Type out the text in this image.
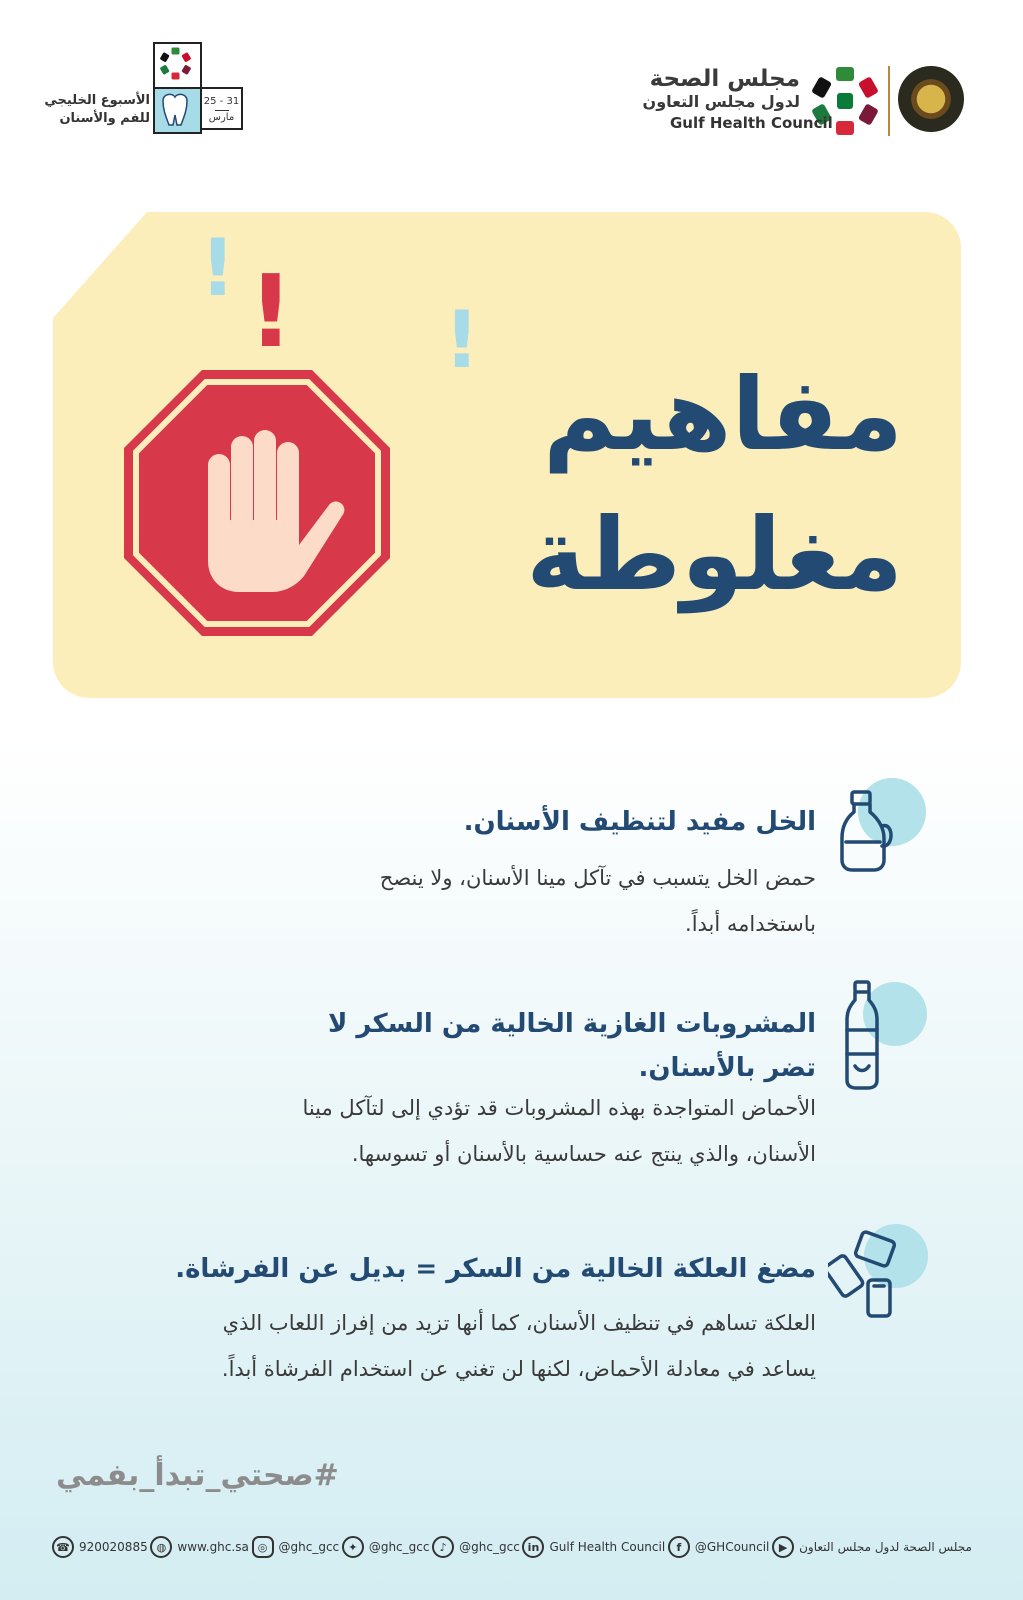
مجلس الصحة
لدول مجلس التعاون
Gulf Health Council
الأسبوع الخليجي
للفم والأسنان
25 - 31
مارس
!
!
!
مفاهيم
مغلوطة
الخل مفيد لتنظيف الأسنان.
حمض الخل يتسبب في تآكل مينا الأسنان، ولا ينصح
باستخدامه أبداً.
المشروبات الغازية الخالية من السكر لا
تضر بالأسنان.
الأحماض المتواجدة بهذه المشروبات قد تؤدي إلى لتآكل مينا
الأسنان، والذي ينتج عنه حساسية بالأسنان أو تسوسها.
مضغ العلكة الخالية من السكر = بديل عن الفرشاة.
العلكة تساهم في تنظيف الأسنان، كما أنها تزيد من إفراز اللعاب الذي
يساعد في معادلة الأحماض، لكنها لن تغني عن استخدام الفرشاة أبداً.
#صحتي_تبدأ_بفمي
☎ 920020885 ◍ www.ghc.sa ◎ @ghc_gcc ✦ @ghc_gcc ♪	@ghc_gcc in Gulf Health Council	f	@GHCouncil ▶ مجلس الصحة لدول مجلس التعاون
